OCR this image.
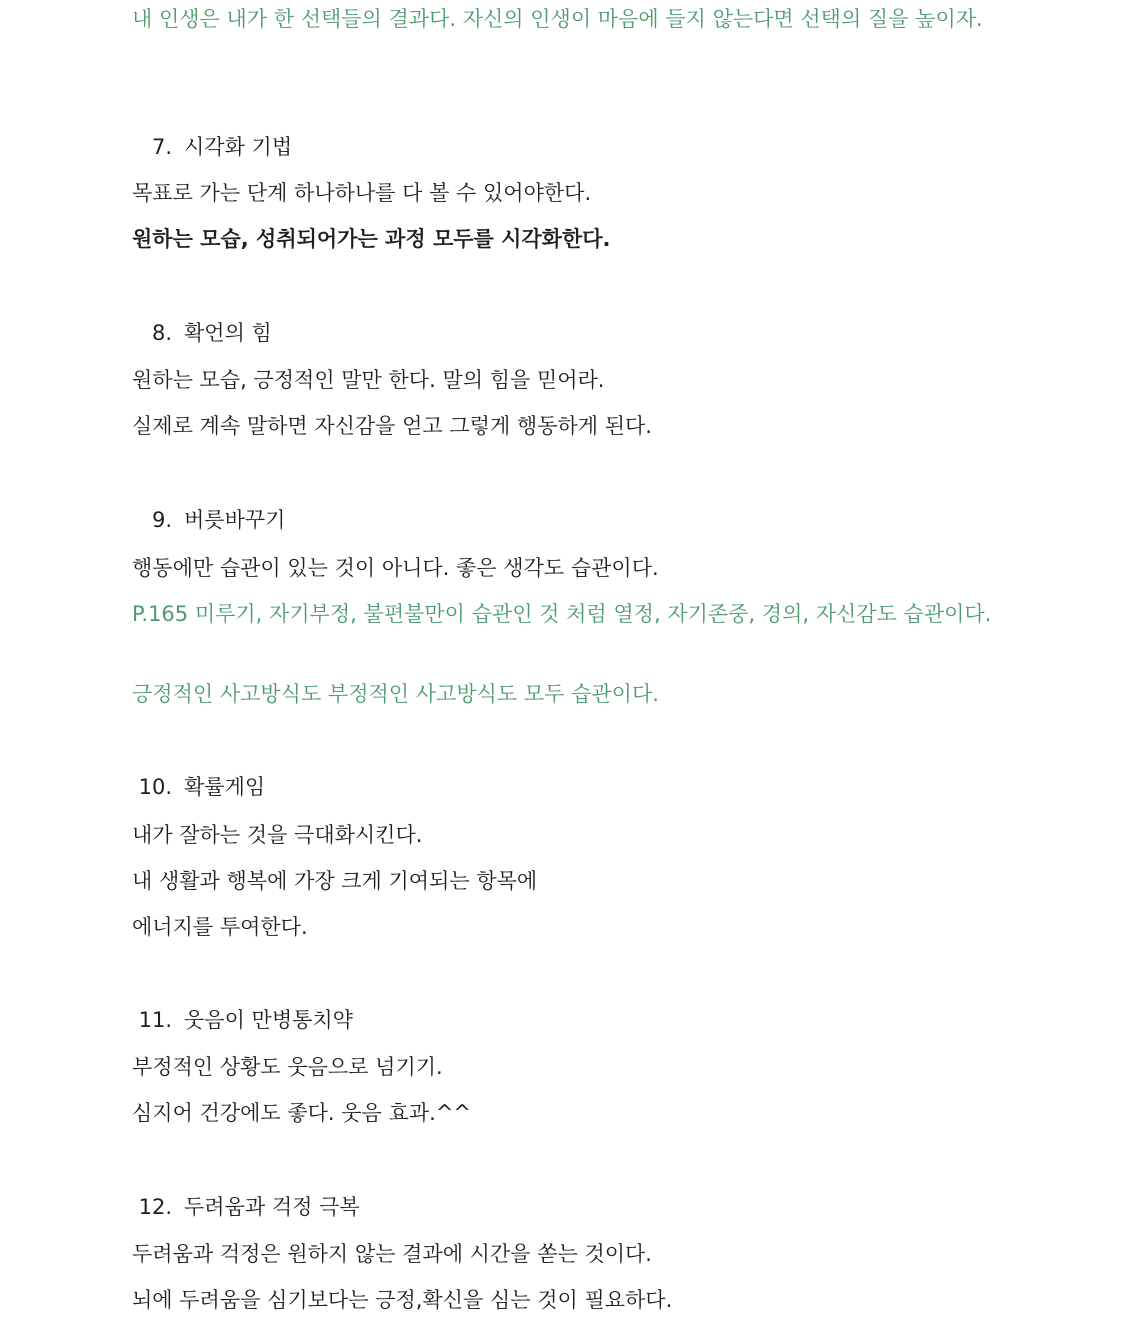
내 인생은 내가 한 선택들의 결과다. 자신의 인생이 마음에 들지 않는다면 선택의 질을 높이자.

7. 시각화 기법

목표로 가는 단계 하나하나를 다 볼 수 있어야한다.

원하는 모습, 성취되어가는 과정 모두를 시각화한다.

8. 확언의 힘

원하는 모습, 긍정적인 말만 한다. 말의 힘을 믿어라.

실제로 계속 말하면 자신감을 얻고 그렇게 행동하게 된다.

9. 버릇바꾸기

행동에만 습관이 있는 것이 아니다. 좋은 생각도 습관이다.

P.165 미루기, 자기부정, 불편불만이 습관인 것 처럼 열정, 자기존중, 경의, 자신감도 습관이다.

긍정적인 사고방식도 부정적인 사고방식도 모두 습관이다.

10. 확률게임

내가 잘하는 것을 극대화시킨다.

내 생활과 행복에 가장 크게 기여되는 항목에

에너지를 투여한다.

11. 웃음이 만병통치약

부정적인 상황도 웃음으로 넘기기.

심지어 건강에도 좋다. 웃음 효과.^^

12. 두려움과 걱정 극복

두려움과 걱정은 원하지 않는 결과에 시간을 쏟는 것이다.

뇌에 두려움을 심기보다는 긍정,확신을 심는 것이 필요하다.
